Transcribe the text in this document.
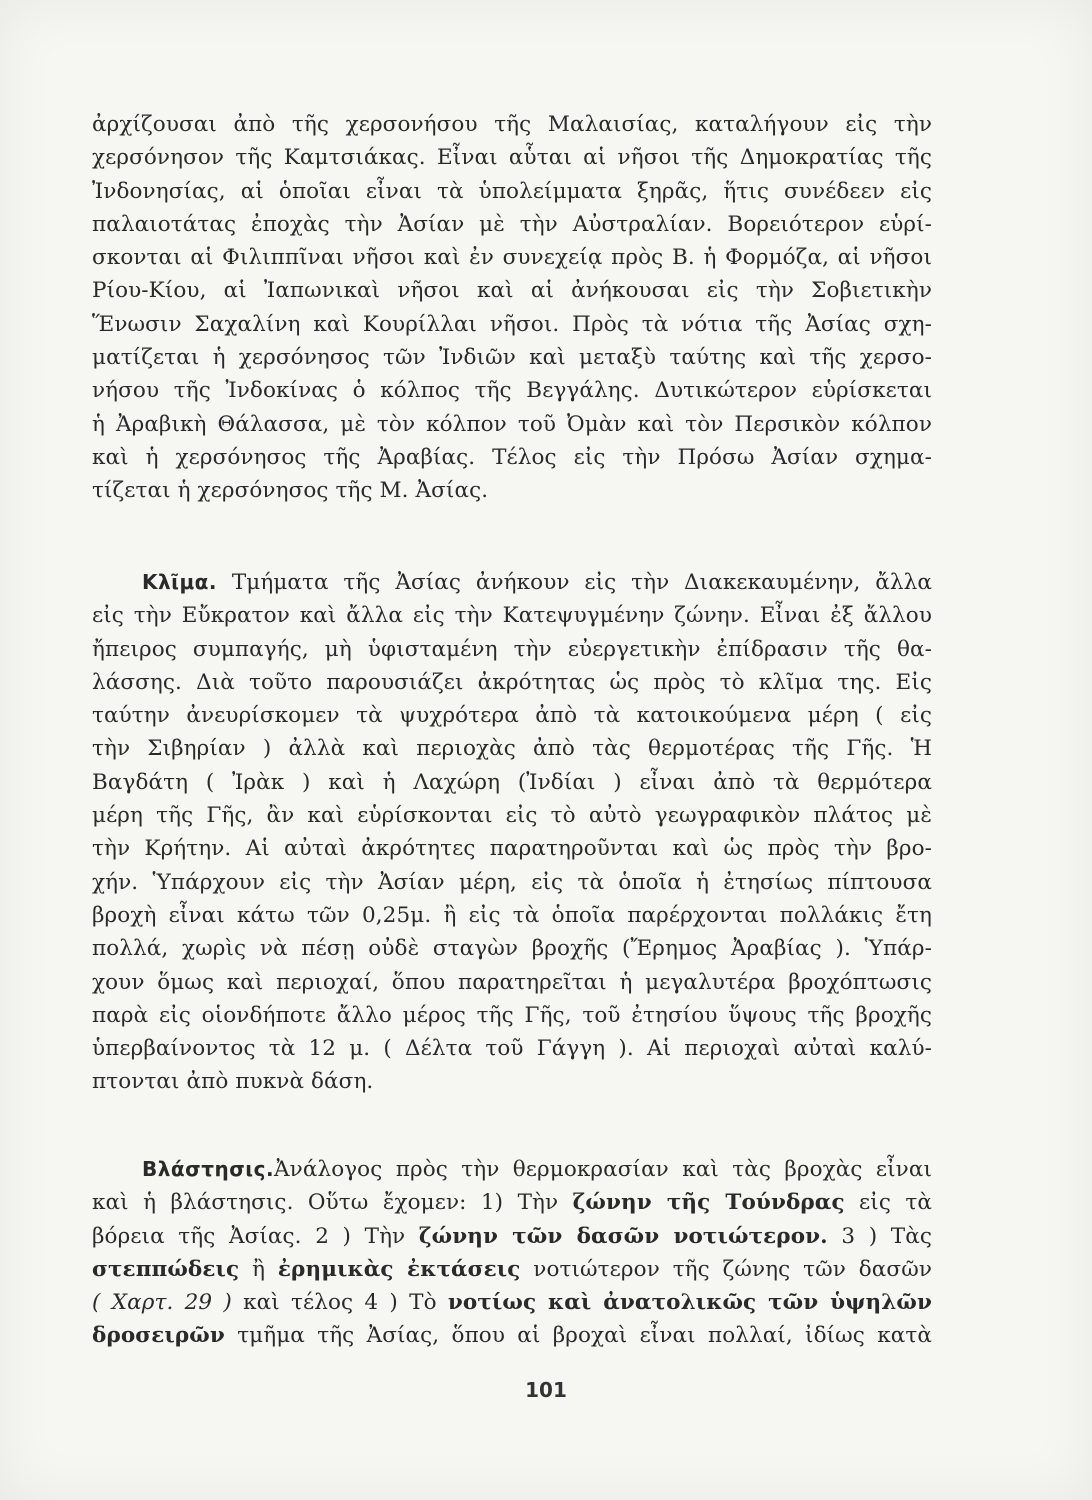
ἀρχίζουσαι ἀπὸ τῆς χερσονήσου τῆς Μαλαισίας, καταλήγουν εἰς τὴν
χερσόνησον τῆς Καμτσιάκας. Εἶναι αὗται αἱ νῆσοι τῆς Δημοκρατίας τῆς
Ἰνδονησίας, αἱ ὁποῖαι εἶναι τὰ ὑπολείμματα ξηρᾶς, ἥτις συνέδεεν εἰς
παλαιοτάτας ἐποχὰς τὴν Ἀσίαν μὲ τὴν Αὐστραλίαν. Βορειότερον εὑρί-
σκονται αἱ Φιλιππῖναι νῆσοι καὶ ἐν συνεχείᾳ πρὸς Β. ἡ Φορμόζα, αἱ νῆσοι
Ρίου-Κίου, αἱ Ἰαπωνικαὶ νῆσοι καὶ αἱ ἀνήκουσαι εἰς τὴν Σοβιετικὴν
Ἕνωσιν Σαχαλίνη καὶ Κουρίλλαι νῆσοι. Πρὸς τὰ νότια τῆς Ἀσίας σχη-
ματίζεται ἡ χερσόνησος τῶν Ἰνδιῶν καὶ μεταξὺ ταύτης καὶ τῆς χερσο-
νήσου τῆς Ἰνδοκίνας ὁ κόλπος τῆς Βεγγάλης. Δυτικώτερον εὑρίσκεται
ἡ Ἀραβικὴ Θάλασσα, μὲ τὸν κόλπον τοῦ Ὀμὰν καὶ τὸν Περσικὸν κόλπον
καὶ ἡ χερσόνησος τῆς Ἀραβίας. Τέλος εἰς τὴν Πρόσω Ἀσίαν σχημα-
τίζεται ἡ χερσόνησος τῆς Μ. Ἀσίας.
Κλῖμα. Τμήματα τῆς Ἀσίας ἀνήκουν εἰς τὴν Διακεκαυμένην, ἄλλα
εἰς τὴν Εὔκρατον καὶ ἄλλα εἰς τὴν Κατεψυγμένην ζώνην. Εἶναι ἐξ ἄλλου
ἤπειρος συμπαγής, μὴ ὑφισταμένη τὴν εὐεργετικὴν ἐπίδρασιν τῆς θα-
λάσσης. Διὰ τοῦτο παρουσιάζει ἀκρότητας ὡς πρὸς τὸ κλῖμα της. Εἰς
ταύτην ἀνευρίσκομεν τὰ ψυχρότερα ἀπὸ τὰ κατοικούμενα μέρη ( εἰς
τὴν Σιβηρίαν ) ἀλλὰ καὶ περιοχὰς ἀπὸ τὰς θερμοτέρας τῆς Γῆς. Ἡ
Βαγδάτη ( Ἰρὰκ ) καὶ ἡ Λαχώρη (Ἰνδίαι ) εἶναι ἀπὸ τὰ θερμότερα
μέρη τῆς Γῆς, ἂν καὶ εὑρίσκονται εἰς τὸ αὐτὸ γεωγραφικὸν πλάτος μὲ
τὴν Κρήτην. Αἱ αὐταὶ ἀκρότητες παρατηροῦνται καὶ ὡς πρὸς τὴν βρο-
χήν. Ὑπάρχουν εἰς τὴν Ἀσίαν μέρη, εἰς τὰ ὁποῖα ἡ ἐτησίως πίπτουσα
βροχὴ εἶναι κάτω τῶν 0,25μ. ἢ εἰς τὰ ὁποῖα παρέρχονται πολλάκις ἔτη
πολλά, χωρὶς νὰ πέσῃ οὐδὲ σταγὼν βροχῆς (Ἔρημος Ἀραβίας ). Ὑπάρ-
χουν ὅμως καὶ περιοχαί, ὅπου παρατηρεῖται ἡ μεγαλυτέρα βροχόπτωσις
παρὰ εἰς οἱονδήποτε ἄλλο μέρος τῆς Γῆς, τοῦ ἐτησίου ὕψους τῆς βροχῆς
ὑπερβαίνοντος τὰ 12 μ. ( Δέλτα τοῦ Γάγγη ). Αἱ περιοχαὶ αὐταὶ καλύ-
πτονται ἀπὸ πυκνὰ δάση.
Βλάστησις.Ἀνάλογος πρὸς τὴν θερμοκρασίαν καὶ τὰς βροχὰς εἶναι
καὶ ἡ βλάστησις. Οὕτω ἔχομεν: 1) Τὴν ζώνην τῆς Τούνδρας εἰς τὰ
βόρεια τῆς Ἀσίας. 2 ) Τὴν ζώνην τῶν δασῶν νοτιώτερον. 3 ) Τὰς
στεππώδεις ἢ ἐρημικὰς ἐκτάσεις νοτιώτερον τῆς ζώνης τῶν δασῶν
( Χαρτ. 29 ) καὶ τέλος 4 ) Τὸ νοτίως καὶ ἀνατολικῶς τῶν ὑψηλῶν
δροσειρῶν τμῆμα τῆς Ἀσίας, ὅπου αἱ βροχαὶ εἶναι πολλαί, ἰδίως κατὰ
101
